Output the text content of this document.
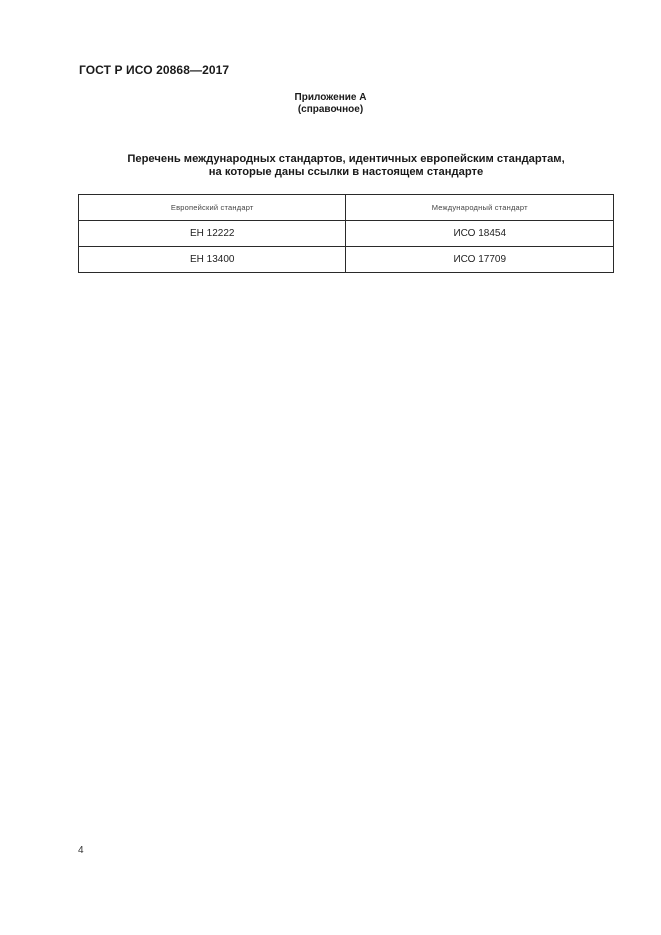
ГОСТ Р ИСО 20868—2017
Приложение А
(справочное)
Перечень международных стандартов, идентичных европейским стандартам,
на которые даны ссылки в настоящем стандарте
Европейский стандарт	Международный стандарт
ЕН 12222	ИСО 18454
ЕН 13400	ИСО 17709
4
